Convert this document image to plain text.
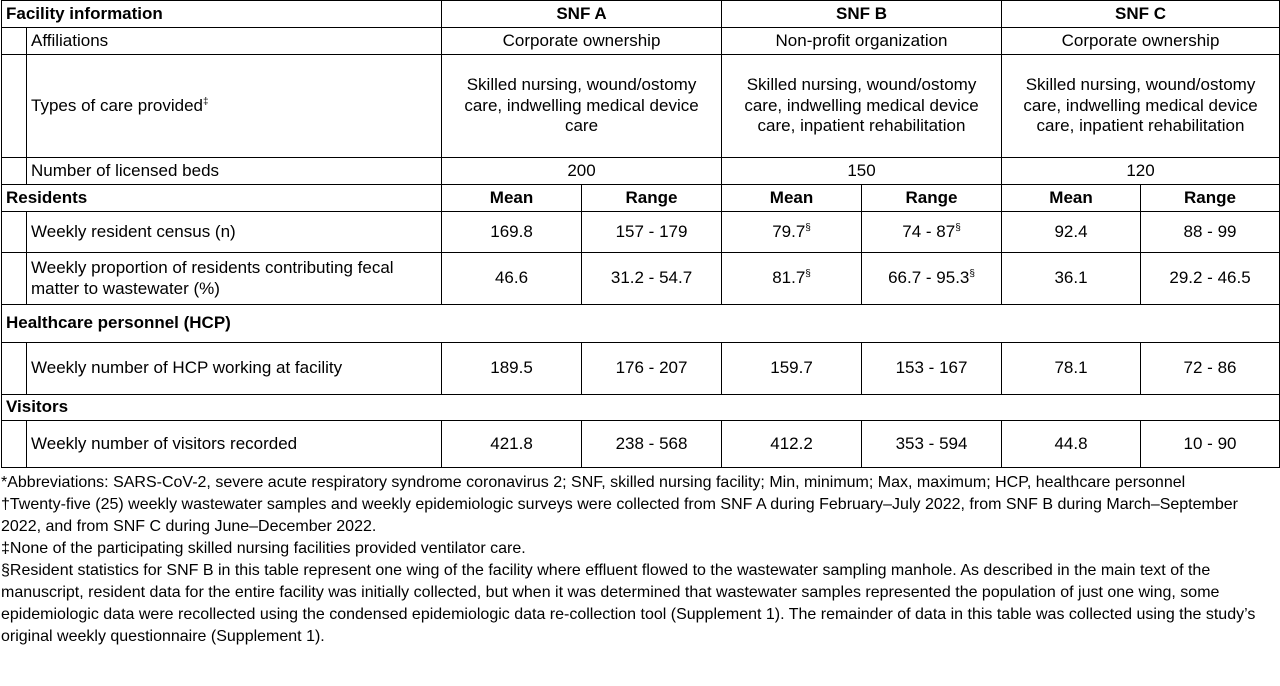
Facility information		SNF A		SNF B		SNF C	
	Affiliations	Corporate ownership		Non-profit organization		Corporate ownership	
	Types of care provided‡	Skilled nursing, wound/ostomy care, indwelling medical device care		Skilled nursing, wound/ostomy care, indwelling medical device care, inpatient rehabilitation		Skilled nursing, wound/ostomy care, indwelling medical device care, inpatient rehabilitation	
	Number of licensed beds	200		150		120	
Residents		Mean	Range	Mean	Range	Mean	Range
	Weekly resident census (n)	169.8	157 - 179	79.7§	74 - 87§	92.4	88 - 99
	Weekly proportion of residents contributing fecal matter to wastewater (%)	46.6	31.2 - 54.7	81.7§	66.7 - 95.3§	36.1	29.2 - 46.5
Healthcare personnel (HCP)							
	Weekly number of HCP working at facility	189.5	176 - 207	159.7	153 - 167	78.1	72 - 86
Visitors							
	Weekly number of visitors recorded	421.8	238 - 568	412.2	353 - 594	44.8	10 - 90

*Abbreviations: SARS-CoV-2, severe acute respiratory syndrome coronavirus 2; SNF, skilled nursing facility; Min, minimum; Max, maximum; HCP, healthcare personnel

†Twenty-five (25) weekly wastewater samples and weekly epidemiologic surveys were collected from SNF A during February–July 2022, from SNF B during March–September 2022, and from SNF C during June–December 2022.

‡None of the participating skilled nursing facilities provided ventilator care.

§Resident statistics for SNF B in this table represent one wing of the facility where effluent flowed to the wastewater sampling manhole. As described in the main text of the manuscript, resident data for the entire facility was initially collected, but when it was determined that wastewater samples represented the population of just one wing, some epidemiologic data were recollected using the condensed epidemiologic data re-collection tool (Supplement 1). The remainder of data in this table was collected using the study’s original weekly questionnaire (Supplement 1).
